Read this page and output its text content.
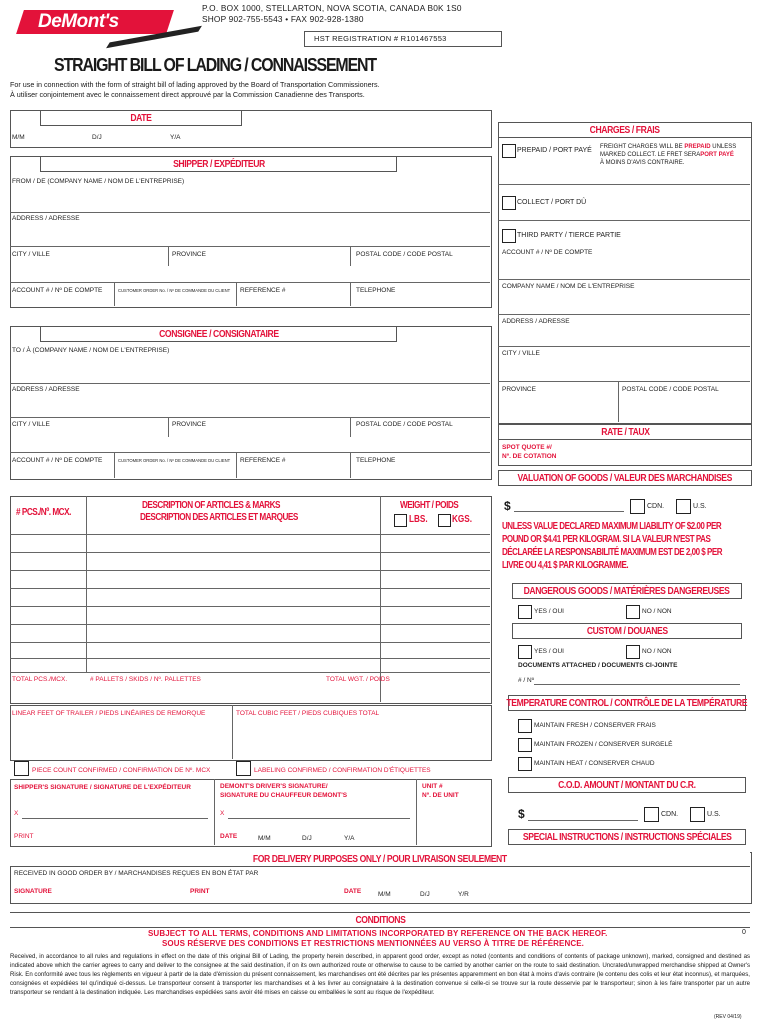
DeMont's
P.O. BOX 1000, STELLARTON, NOVA SCOTIA, CANADA B0K 1S0
SHOP 902-755-5543 • FAX 902-928-1380
HST REGISTRATION # R101467553
STRAIGHT BILL OF LADING / CONNAISSEMENT
For use in connection with the form of straight bill of lading approved by the Board of Transportation Commissioners.
À utiliser conjointement avec le connaissement direct approuvé par la Commission Canadienne des Transports.
DATE
M/M	D/J	Y/A
SHIPPER / EXPÉDITEUR
FROM / DE (COMPANY NAME / NOM DE L'ENTREPRISE)
ADDRESS / ADRESSE
CITY / VILLE	PROVINCE	POSTAL CODE / CODE POSTAL
ACCOUNT # / Nº DE COMPTE	CUSTOMER ORDER No. / Nº DE COMMANDE DU CLIENT REFERENCE #	TELEPHONE
CONSIGNEE / CONSIGNATAIRE
TO / À (COMPANY NAME / NOM DE L'ENTREPRISE)
ADDRESS / ADRESSE
CITY / VILLE	PROVINCE	POSTAL CODE / CODE POSTAL
ACCOUNT # / Nº DE COMPTE	CUSTOMER ORDER No. / Nº DE COMMANDE DU CLIENT REFERENCE #	TELEPHONE
# PCS./Nº. MCX.
DESCRIPTION OF ARTICLES & MARKS
DESCRIPTION DES ARTICLES ET MARQUES
WEIGHT / POIDS
LBS. KGS.
TOTAL PCS./MCX.	# PALLETS / SKIDS / Nº. PALLETTES	TOTAL WGT. / POIDS
LINEAR FEET OF TRAILER / PIEDS LINÉAIRES DE REMORQUE	TOTAL CUBIC FEET / PIEDS CUBIQUES TOTAL
PIECE COUNT CONFIRMED / CONFIRMATION DE Nº. MCX	LABELING CONFIRMED / CONFIRMATION D'ÉTIQUETTES
SHIPPER'S SIGNATURE / SIGNATURE DE L'EXPÉDITEUR	DEMONT'S DRIVER'S SIGNATURE/
SIGNATURE DU CHAUFFEUR DEMONT'S
UNIT #
Nº. DE UNIT
X	X
PRINT	DATE	M/M	D/J	Y/A
FOR DELIVERY PURPOSES ONLY / POUR LIVRAISON SEULEMENT
RECEIVED IN GOOD ORDER BY / MARCHANDISES REÇUES EN BON ÉTAT PAR
SIGNATURE	PRINT	DATE	M/M	D/J	Y/R
CONDITIONS
SUBJECT TO ALL TERMS, CONDITIONS AND LIMITATIONS INCORPORATED BY REFERENCE ON THE BACK HEREOF.
SOUS RÉSERVE DES CONDITIONS ET RESTRICTIONS MENTIONNÉES AU VERSO À TITRE DE RÉFÉRENCE.
0
Received, in accordance to all rules and regulations in effect on the date of this original Bill of Lading, the property herein described, in apparent good order, except as noted (contents and conditions of contents of package unknown), marked, consigned and destined as indicated above which the carrier agrees to carry and deliver to the consignee at the said destination, if on its own authorized route or otherwise to cause to be carried by another carrier on the route to said destination. Uncrated/unwrapped merchandise shipped at Owner's Risk. En conformité avec tous les règlements en vigueur à partir de la date d'émission du présent connaissement, les marchandises ont été décrites par les présentes apparemment en bon état à moins d'avis contraire (le contenu des colis et leur état inconnus), et marquées, consignées et expédiées tel qu'indiqué ci-dessus. Le transporteur consent à transporter les marchandises et à les livrer au consignataire à la destination convenue si celle-ci se trouve sur la route desservie par le transporteur; sinon à les faire transporter par un autre transporteur se rendant à la destination indiquée. Les marchandises expédiées sans avoir été mises en caisse ou emballées le sont au risque de l'expéditeur.
(REV 04/19)
CHARGES / FRAIS
PREPAID / PORT PAYÉ FREIGHT CHARGES WILL BE PREPAID UNLESS
MARKED COLLECT. LE FRET SERAPORT PAYÉ
À MOINS D'AVIS CONTRAIRE.
COLLECT / PORT DÛ
THIRD PARTY / TIERCE PARTIE
ACCOUNT # / Nº DE COMPTE
COMPANY NAME / NOM DE L'ENTREPRISE
ADDRESS / ADRESSE
CITY / VILLE
PROVINCE	POSTAL CODE / CODE POSTAL
RATE / TAUX
SPOT QUOTE #/
Nº. DE COTATION
VALUATION OF GOODS / VALEUR DES MARCHANDISES
$	CDN.	U.S.
UNLESS VALUE DECLARED MAXIMUM LIABILITY OF $2.00 PER
POUND OR $4.41 PER KILOGRAM. SI LA VALEUR N'EST PAS
DÉCLARÉE LA RESPONSABILITÉ MAXIMUM EST DE 2,00 $ PER
LIVRE OU 4,41 $ PAR KILOGRAMME.
DANGEROUS GOODS / MATÉRIÈRES DANGEREUSES
YES / OUI	NO / NON
CUSTOM / DOUANES
YES / OUI	NO / NON
DOCUMENTS ATTACHED / DOCUMENTS CI-JOINTE
# / Nº
TEMPERATURE CONTROL / CONTRÔLE DE LA TEMPÉRATURE
MAINTAIN FRESH / CONSERVER FRAIS
MAINTAIN FROZEN / CONSERVER SURGELÉ
MAINTAIN HEAT / CONSERVER CHAUD
C.O.D. AMOUNT / MONTANT DU C.R.
$	CDN.	U.S.
SPECIAL INSTRUCTIONS / INSTRUCTIONS SPÉCIALES
